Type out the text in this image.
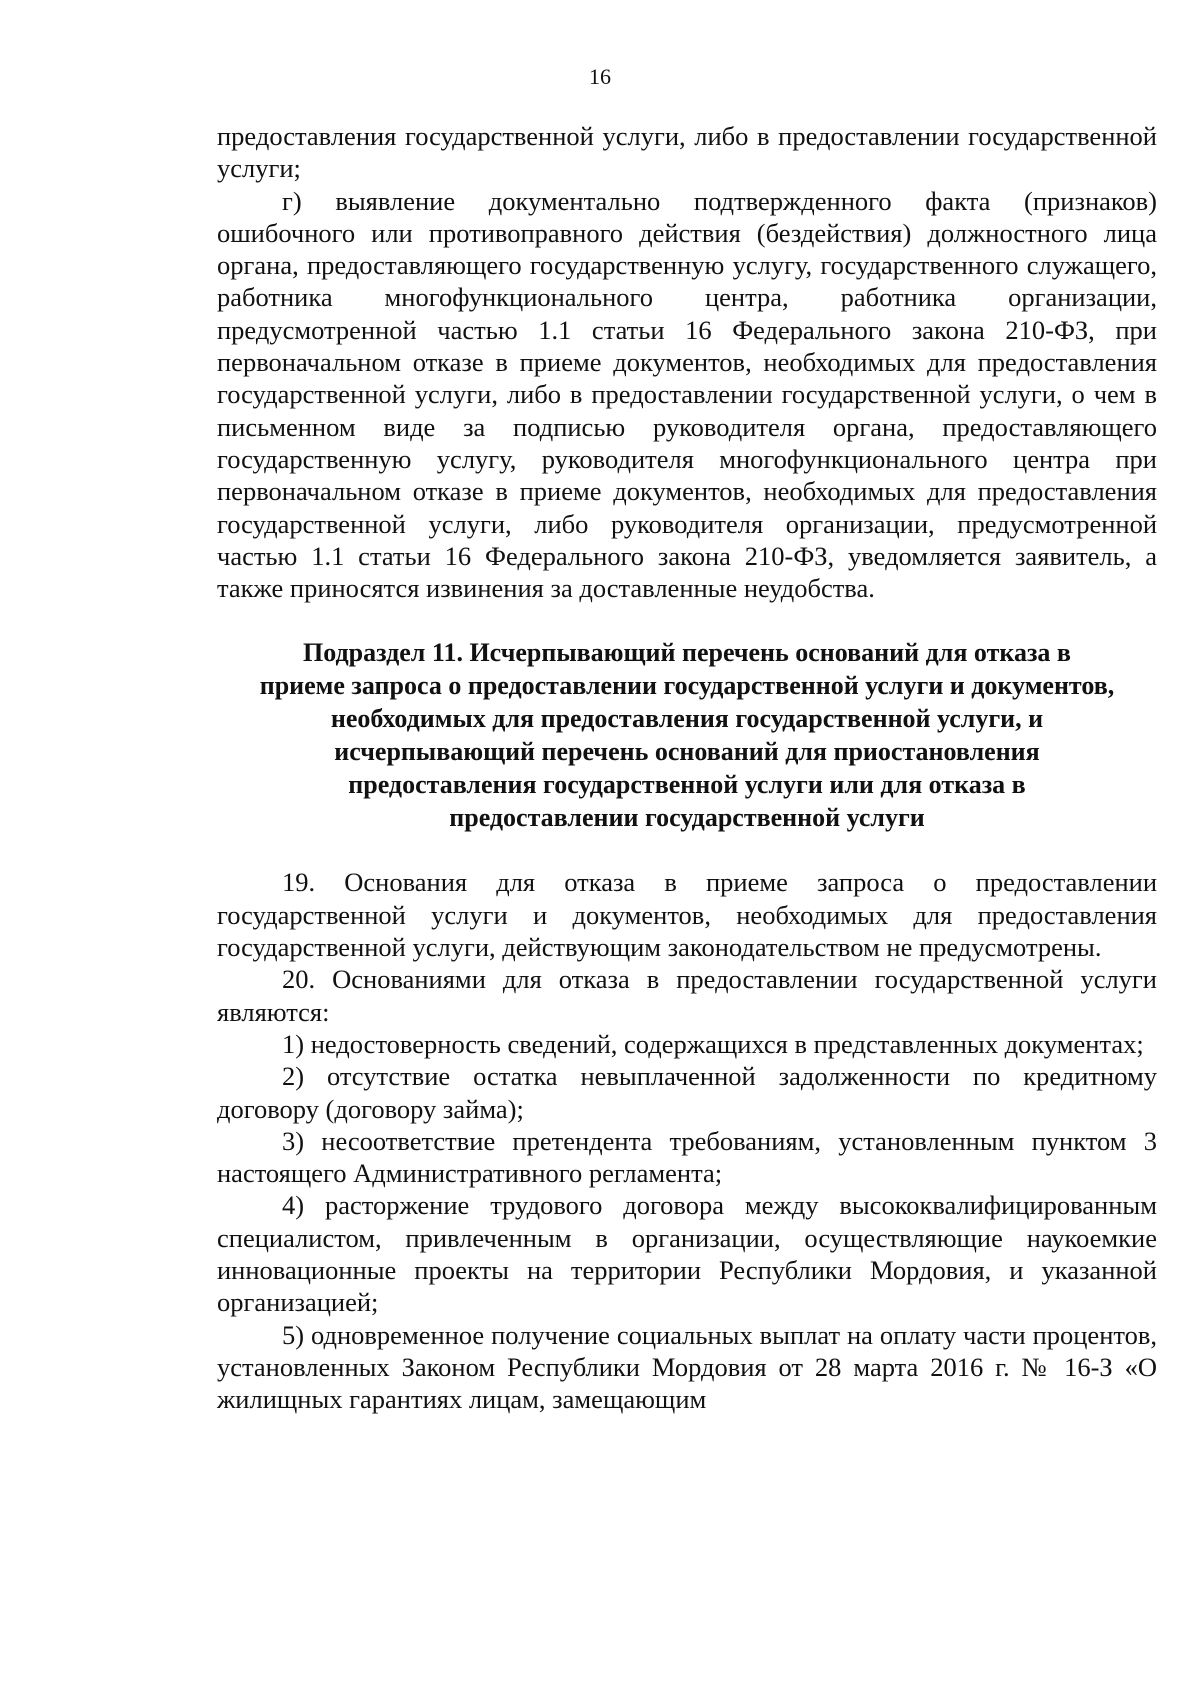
16

предоставления государственной услуги, либо в предоставлении государственной услуги;

г) выявление документально подтвержденного факта (признаков) ошибочного или противоправного действия (бездействия) должностного лица органа, предоставляющего государственную услугу, государственного служащего, работника многофункционального центра, работника организации, предусмотренной частью 1.1 статьи 16 Федерального закона 210-ФЗ, при первоначальном отказе в приеме документов, необходимых для предоставления государственной услуги, либо в предоставлении государственной услуги, о чем в письменном виде за подписью руководителя органа, предоставляющего государственную услугу, руководителя многофункционального центра при первоначальном отказе в приеме документов, необходимых для предоставления государственной услуги, либо руководителя организации, предусмотренной частью 1.1 статьи 16 Федерального закона 210-ФЗ, уведомляется заявитель, а также приносятся извинения за доставленные неудобства.

Подраздел 11. Исчерпывающий перечень оснований для отказа в
приеме запроса о предоставлении государственной услуги и документов,
необходимых для предоставления государственной услуги, и
исчерпывающий перечень оснований для приостановления
предоставления государственной услуги или для отказа в
предоставлении государственной услуги

19. Основания для отказа в приеме запроса о предоставлении государственной услуги и документов, необходимых для предоставления государственной услуги, действующим законодательством не предусмотрены.

20. Основаниями для отказа в предоставлении государственной услуги являются:

1) недостоверность сведений, содержащихся в представленных документах;

2) отсутствие остатка невыплаченной задолженности по кредитному договору (договору займа);

3) несоответствие претендента требованиям, установленным пунктом 3 настоящего Административного регламента;

4) расторжение трудового договора между высококвалифицированным специалистом, привлеченным в организации, осуществляющие наукоемкие инновационные проекты на территории Республики Мордовия, и указанной организацией;

5) одновременное получение социальных выплат на оплату части процентов, установленных Законом Республики Мордовия от 28 марта 2016 г. № 16-З «О жилищных гарантиях лицам, замещающим
